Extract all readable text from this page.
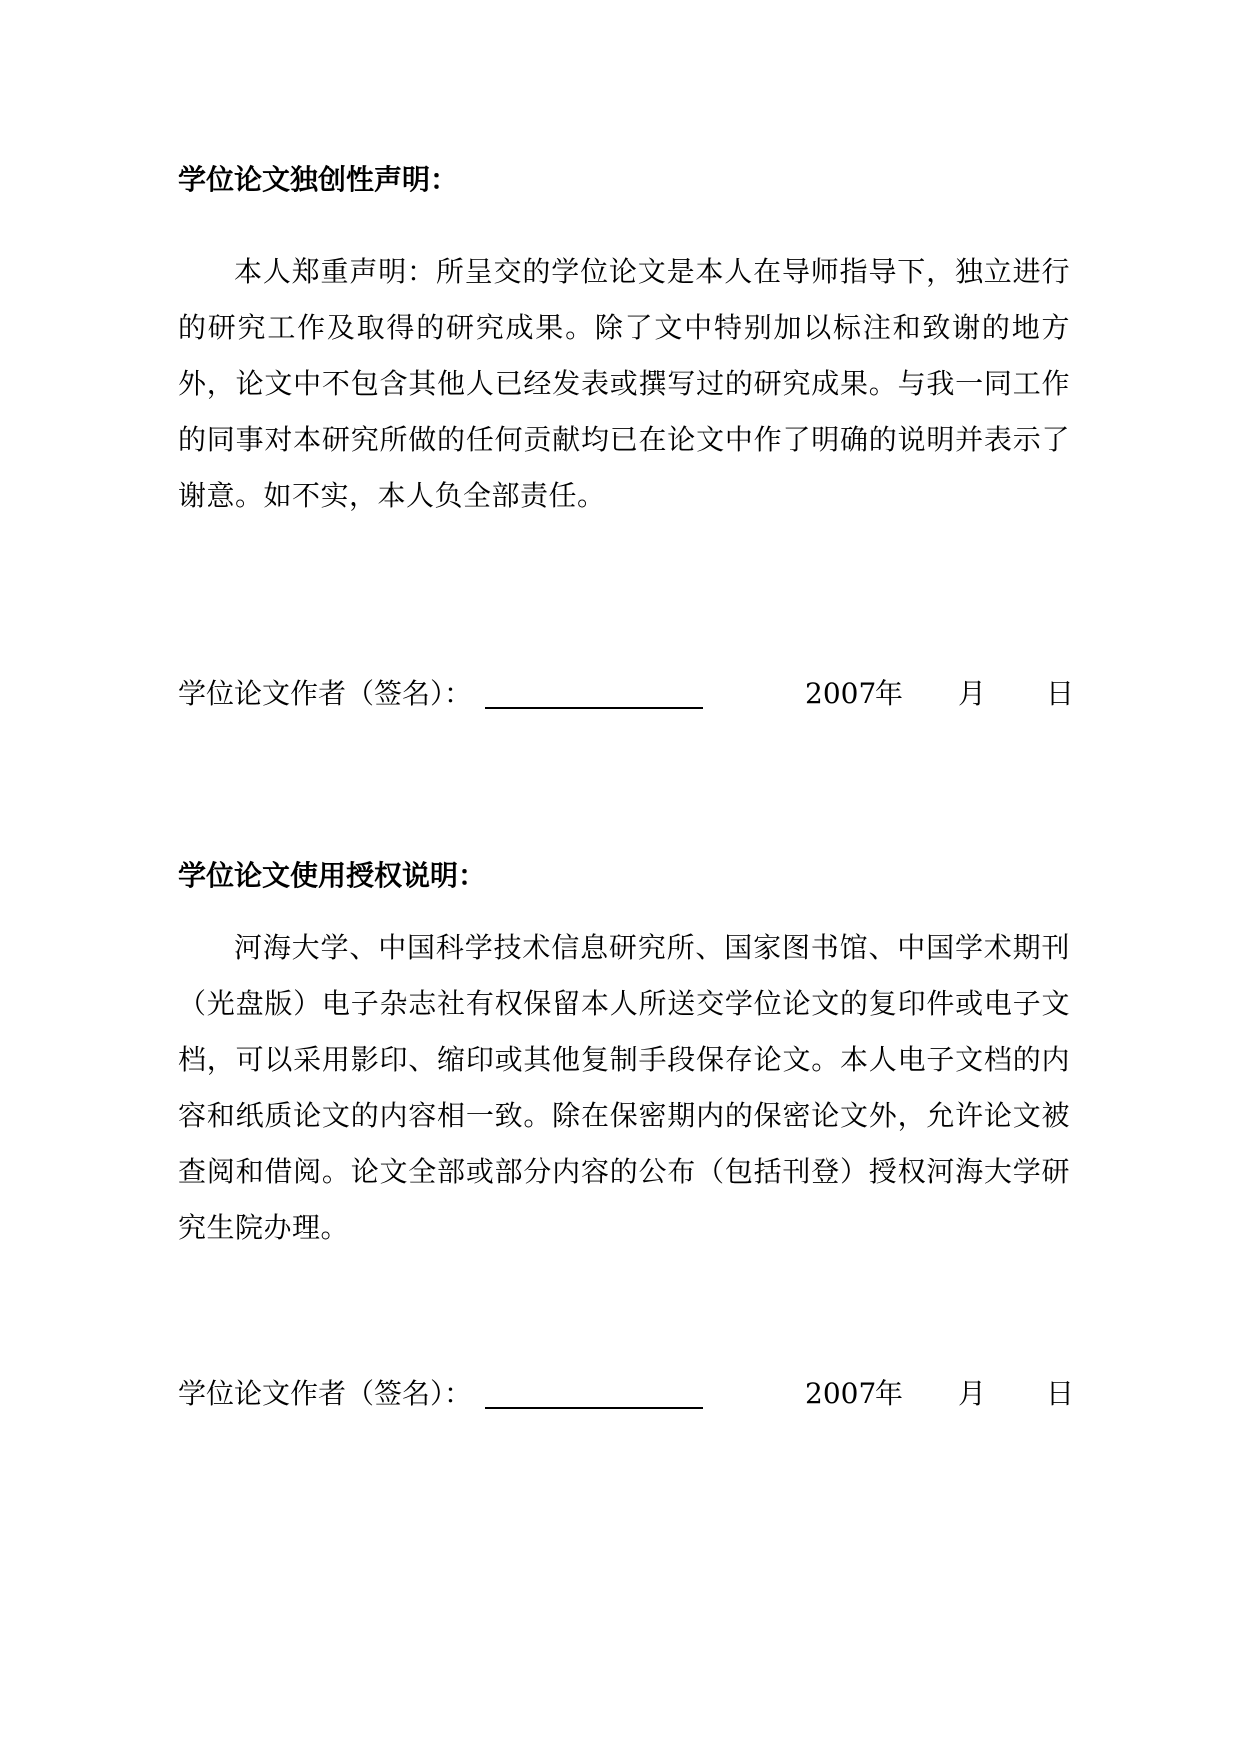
学位论文独创性声明：
本人郑重声明：所呈交的学位论文是本人在导师指导下，独立进行的研究工作及取得的研究成果。除了文中特别加以标注和致谢的地方外，论文中不包含其他人已经发表或撰写过的研究成果。与我一同工作的同事对本研究所做的任何贡献均已在论文中作了明确的说明并表示了谢意。如不实，本人负全部责任。
学位论文作者（签名）：	2007
年 月 日
学位论文使用授权说明：
河海大学、中国科学技术信息研究所、国家图书馆、中国学术期刊（光盘版）电子杂志社有权保留本人所送交学位论文的复印件或电子文档，可以采用影印、缩印或其他复制手段保存论文。本人电子文档的内容和纸质论文的内容相一致。除在保密期内的保密论文外，允许论文被查阅和借阅。论文全部或部分内容的公布（包括刊登）授权河海大学研究生院办理。
学位论文作者（签名）：	2007
年 月 日
